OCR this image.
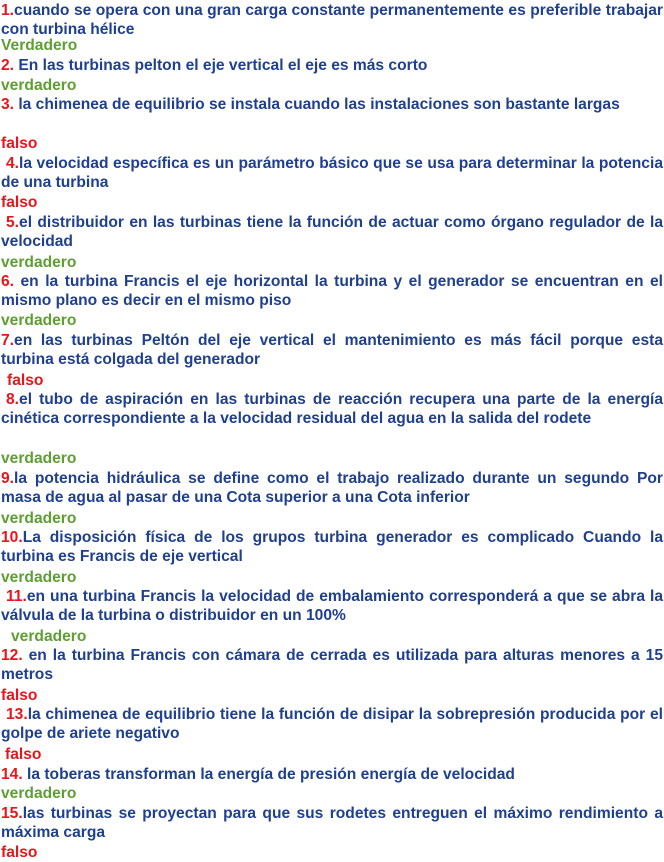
1.cuando se opera con una gran carga constante permanentemente es preferible trabajar con turbina hélice
Verdadero
2. En las turbinas pelton el eje vertical el eje es más corto
verdadero
3. la chimenea de equilibrio se instala cuando las instalaciones son bastante largas
falso
4.la velocidad específica es un parámetro básico que se usa para determinar la potencia de una turbina
falso
5.el distribuidor en las turbinas tiene la función de actuar como órgano regulador de la velocidad
verdadero
6. en la turbina Francis el eje horizontal la turbina y el generador se encuentran en el mismo plano es decir en el mismo piso
verdadero
7.en las turbinas Peltón del eje vertical el mantenimiento es más fácil porque esta turbina está colgada del generador
falso
8.el tubo de aspiración en las turbinas de reacción recupera una parte de la energía cinética correspondiente a la velocidad residual del agua en la salida del rodete
verdadero
9.la potencia hidráulica se define como el trabajo realizado durante un segundo Por masa de agua al pasar de una Cota superior a una Cota inferior
verdadero
10.La disposición física de los grupos turbina generador es complicado Cuando la turbina es Francis de eje vertical
verdadero
11.en una turbina Francis la velocidad de embalamiento corresponderá a que se abra la válvula de la turbina o distribuidor en un 100%
verdadero
12. en la turbina Francis con cámara de cerrada es utilizada para alturas menores a 15 metros
falso
13.la chimenea de equilibrio tiene la función de disipar la sobrepresión producida por el golpe de ariete negativo
falso
14. la toberas transforman la energía de presión energía de velocidad
verdadero
15.las turbinas se proyectan para que sus rodetes entreguen el máximo rendimiento a máxima carga
falso
